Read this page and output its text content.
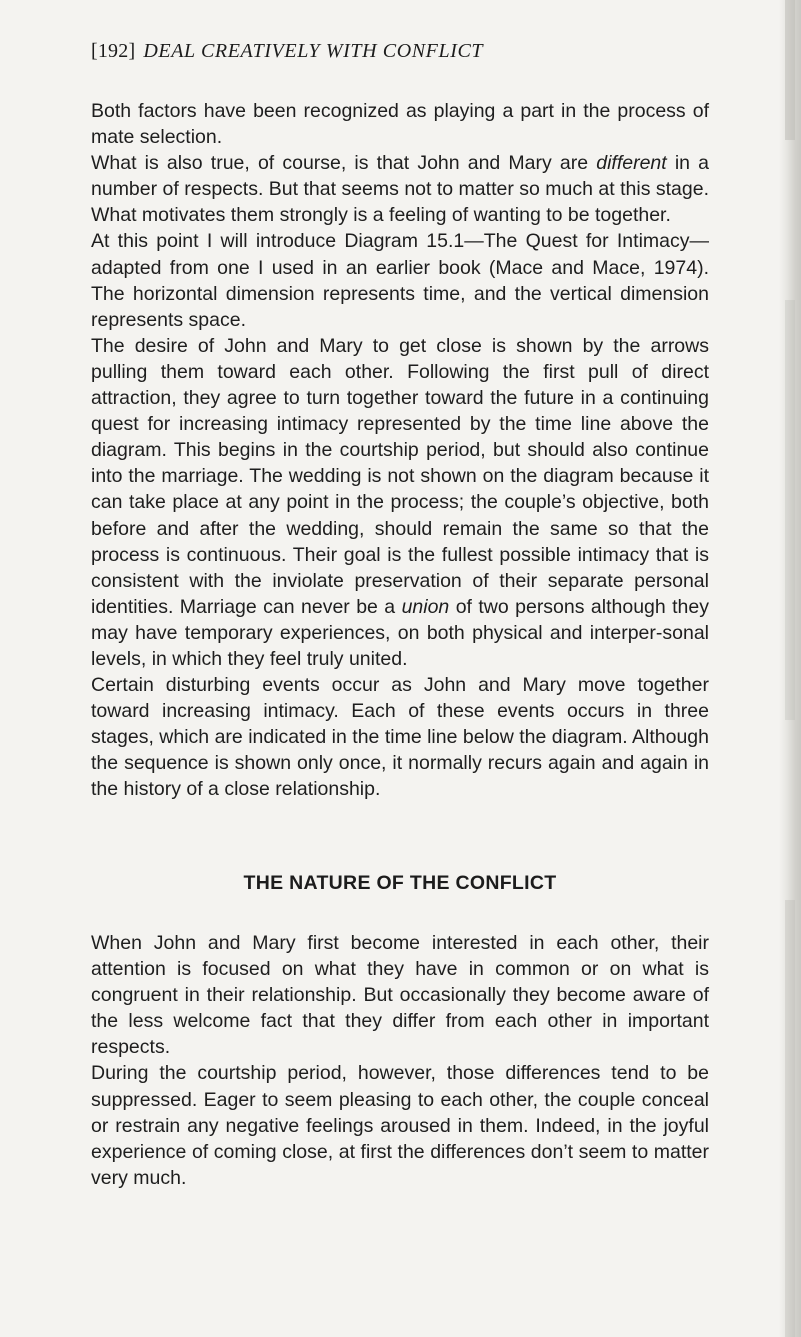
[192] DEAL CREATIVELY WITH CONFLICT

Both factors have been recognized as playing a part in the process of mate selection.

What is also true, of course, is that John and Mary are different in a number of respects. But that seems not to matter so much at this stage. What motivates them strongly is a feeling of wanting to be together.

At this point I will introduce Diagram 15.1—The Quest for Intimacy—adapted from one I used in an earlier book (Mace and Mace, 1974). The horizontal dimension represents time, and the vertical dimension represents space.

The desire of John and Mary to get close is shown by the arrows pulling them toward each other. Following the first pull of direct attraction, they agree to turn together toward the future in a continuing quest for increasing intimacy represented by the time line above the diagram. This begins in the courtship period, but should also continue into the marriage. The wedding is not shown on the diagram because it can take place at any point in the process; the couple’s objective, both before and after the wedding, should remain the same so that the process is continuous. Their goal is the fullest possible intimacy that is consistent with the inviolate preservation of their separate personal identities. Marriage can never be a union of two persons although they may have temporary experiences, on both physical and interper-sonal levels, in which they feel truly united.

Certain disturbing events occur as John and Mary move together toward increasing intimacy. Each of these events occurs in three stages, which are indicated in the time line below the diagram. Although the sequence is shown only once, it normally recurs again and again in the history of a close relationship.

THE NATURE OF THE CONFLICT

When John and Mary first become interested in each other, their attention is focused on what they have in common or on what is congruent in their relationship. But occasionally they become aware of the less welcome fact that they differ from each other in important respects.

During the courtship period, however, those differences tend to be suppressed. Eager to seem pleasing to each other, the couple conceal or restrain any negative feelings aroused in them. Indeed, in the joyful experience of coming close, at first the differences don’t seem to matter very much.
